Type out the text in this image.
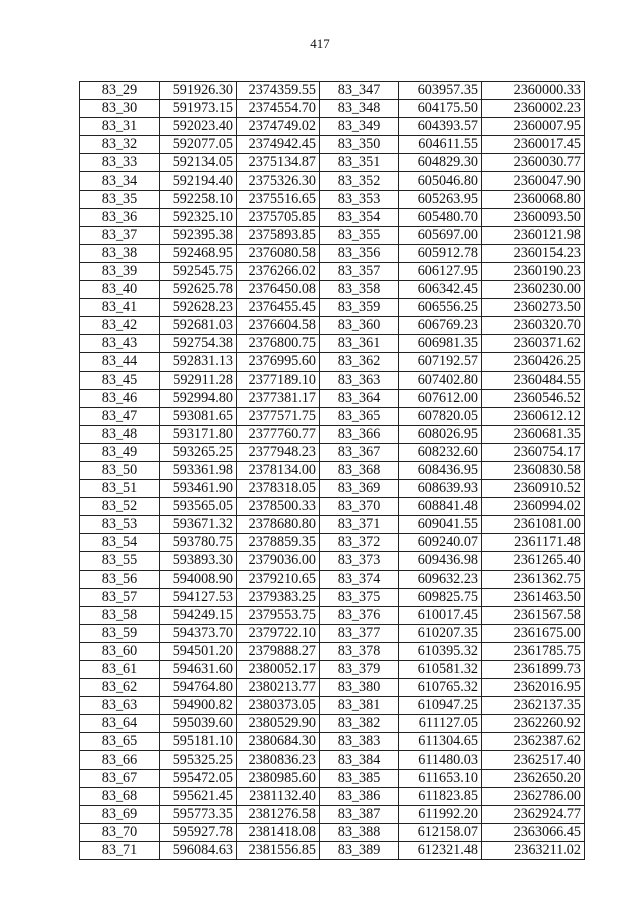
417
83_29	591926.30	2374359.55	83_347	603957.35	2360000.33
83_30	591973.15	2374554.70	83_348	604175.50	2360002.23
83_31	592023.40	2374749.02	83_349	604393.57	2360007.95
83_32	592077.05	2374942.45	83_350	604611.55	2360017.45
83_33	592134.05	2375134.87	83_351	604829.30	2360030.77
83_34	592194.40	2375326.30	83_352	605046.80	2360047.90
83_35	592258.10	2375516.65	83_353	605263.95	2360068.80
83_36	592325.10	2375705.85	83_354	605480.70	2360093.50
83_37	592395.38	2375893.85	83_355	605697.00	2360121.98
83_38	592468.95	2376080.58	83_356	605912.78	2360154.23
83_39	592545.75	2376266.02	83_357	606127.95	2360190.23
83_40	592625.78	2376450.08	83_358	606342.45	2360230.00
83_41	592628.23	2376455.45	83_359	606556.25	2360273.50
83_42	592681.03	2376604.58	83_360	606769.23	2360320.70
83_43	592754.38	2376800.75	83_361	606981.35	2360371.62
83_44	592831.13	2376995.60	83_362	607192.57	2360426.25
83_45	592911.28	2377189.10	83_363	607402.80	2360484.55
83_46	592994.80	2377381.17	83_364	607612.00	2360546.52
83_47	593081.65	2377571.75	83_365	607820.05	2360612.12
83_48	593171.80	2377760.77	83_366	608026.95	2360681.35
83_49	593265.25	2377948.23	83_367	608232.60	2360754.17
83_50	593361.98	2378134.00	83_368	608436.95	2360830.58
83_51	593461.90	2378318.05	83_369	608639.93	2360910.52
83_52	593565.05	2378500.33	83_370	608841.48	2360994.02
83_53	593671.32	2378680.80	83_371	609041.55	2361081.00
83_54	593780.75	2378859.35	83_372	609240.07	2361171.48
83_55	593893.30	2379036.00	83_373	609436.98	2361265.40
83_56	594008.90	2379210.65	83_374	609632.23	2361362.75
83_57	594127.53	2379383.25	83_375	609825.75	2361463.50
83_58	594249.15	2379553.75	83_376	610017.45	2361567.58
83_59	594373.70	2379722.10	83_377	610207.35	2361675.00
83_60	594501.20	2379888.27	83_378	610395.32	2361785.75
83_61	594631.60	2380052.17	83_379	610581.32	2361899.73
83_62	594764.80	2380213.77	83_380	610765.32	2362016.95
83_63	594900.82	2380373.05	83_381	610947.25	2362137.35
83_64	595039.60	2380529.90	83_382	611127.05	2362260.92
83_65	595181.10	2380684.30	83_383	611304.65	2362387.62
83_66	595325.25	2380836.23	83_384	611480.03	2362517.40
83_67	595472.05	2380985.60	83_385	611653.10	2362650.20
83_68	595621.45	2381132.40	83_386	611823.85	2362786.00
83_69	595773.35	2381276.58	83_387	611992.20	2362924.77
83_70	595927.78	2381418.08	83_388	612158.07	2363066.45
83_71	596084.63	2381556.85	83_389	612321.48	2363211.02
